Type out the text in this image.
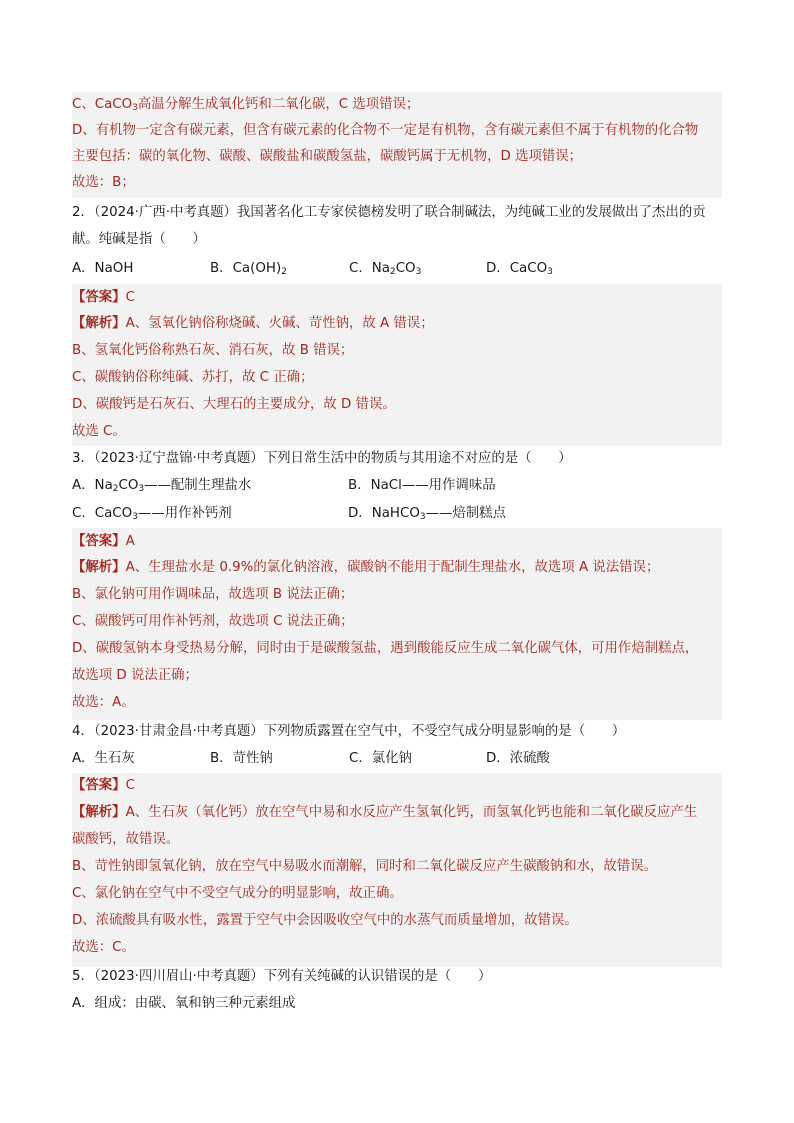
C、CaCO$_3$高温分解生成氧化钙和二氧化碳，C 选项错误；
D、有机物一定含有碳元素，但含有碳元素的化合物不一定是有机物，含有碳元素但不属于有机物的化合物
主要包括：碳的氧化物、碳酸、碳酸盐和碳酸氢盐，碳酸钙属于无机物，D 选项错误；
故选：B；
2．（2024·广西·中考真题）我国著名化工专家侯德榜发明了联合制碱法，为纯碱工业的发展做出了杰出的贡
献。纯碱是指（　　）
A．NaOH	B．$Ca(OH)_2$	C．$Na_2CO_3$	D．CaCO$_3$
【答案】C
【解析】A、氢氧化钠俗称烧碱、火碱、苛性钠，故 A 错误；
B、氢氧化钙俗称熟石灰、消石灰，故 B 错误；
C、碳酸钠俗称纯碱、苏打，故 C 正确；
D、碳酸钙是石灰石、大理石的主要成分，故 D 错误。
故选 C。
3．（2023·辽宁盘锦·中考真题）下列日常生活中的物质与其用途不对应的是（　　）
A．$Na_2CO_3——$配制生理盐水	B．NaCl——用作调味品
C．CaCO$_3$——用作补钙剂	D．NaHCO$_3$——焙制糕点
【答案】A
【解析】A、生理盐水是 0.9%的氯化钠溶液，碳酸钠不能用于配制生理盐水，故选项 A 说法错误；
B、氯化钠可用作调味品，故选项 B 说法正确；
C、碳酸钙可用作补钙剂，故选项 C 说法正确；
D、碳酸氢钠本身受热易分解，同时由于是碳酸氢盐，遇到酸能反应生成二氧化碳气体，可用作焙制糕点，
故选项 D 说法正确；
故选：A。
4．（2023·甘肃金昌·中考真题）下列物质露置在空气中，不受空气成分明显影响的是（　　）
A．生石灰	B．苛性钠	C．氯化钠	D．浓硫酸
【答案】C
【解析】A、生石灰（氧化钙）放在空气中易和水反应产生氢氧化钙，而氢氧化钙也能和二氧化碳反应产生
碳酸钙，故错误。
B、苛性钠即氢氧化钠，放在空气中易吸水而潮解，同时和二氧化碳反应产生碳酸钠和水，故错误。
C、氯化钠在空气中不受空气成分的明显影响，故正确。
D、浓硫酸具有吸水性，露置于空气中会因吸收空气中的水蒸气而质量增加，故错误。
故选：C。
5．（2023·四川眉山·中考真题）下列有关纯碱的认识错误的是（　　）
A．组成：由碳、氧和钠三种元素组成
